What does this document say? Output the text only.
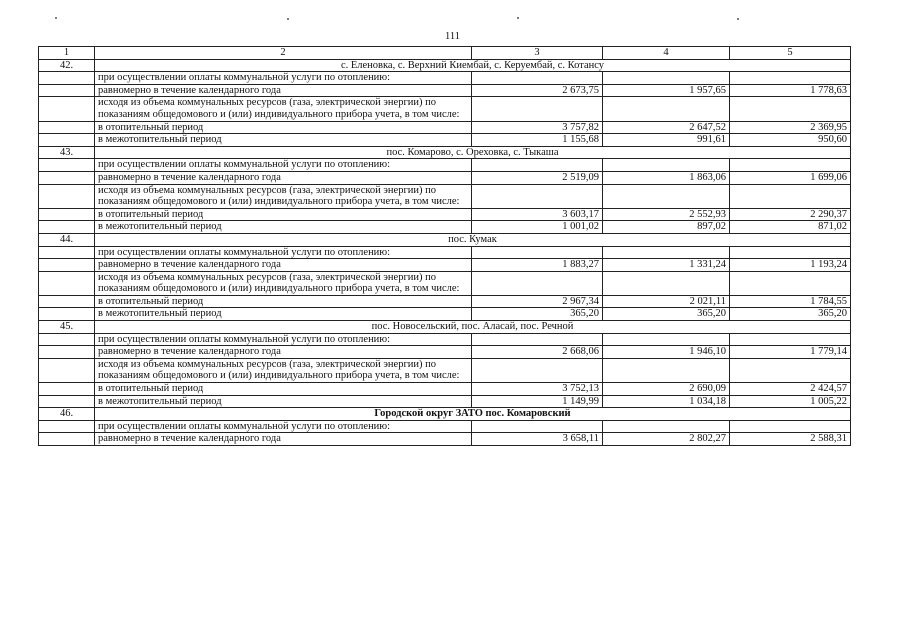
111
1	2	3	4	5
42.	с. Еленовка, с. Верхний Киембай, с. Керуембай, с. Котансу			
	при осуществлении оплаты коммунальной услуги по отоплению:			
	равномерно в течение календарного года	2 673,75	1 957,65	1 778,63
	исходя из объема коммунальных ресурсов (газа, электрической энергии) по показаниям общедомового и (или) индивидуального прибора учета, в том числе:			
	в отопительный период	3 757,82	2 647,52	2 369,95
	в межотопительный период	1 155,68	991,61	950,60
43.	пос. Комарово, с. Ореховка, с. Тыкаша			
	при осуществлении оплаты коммунальной услуги по отоплению:			
	равномерно в течение календарного года	2 519,09	1 863,06	1 699,06
	исходя из объема коммунальных ресурсов (газа, электрической энергии) по показаниям общедомового и (или) индивидуального прибора учета, в том числе:			
	в отопительный период	3 603,17	2 552,93	2 290,37
	в межотопительный период	1 001,02	897,02	871,02
44.	пос. Кумак			
	при осуществлении оплаты коммунальной услуги по отоплению:			
	равномерно в течение календарного года	1 883,27	1 331,24	1 193,24
	исходя из объема коммунальных ресурсов (газа, электрической энергии) по показаниям общедомового и (или) индивидуального прибора учета, в том числе:			
	в отопительный период	2 967,34	2 021,11	1 784,55
	в межотопительный период	365,20	365,20	365,20
45.	пос. Новосельский, пос. Аласай, пос. Речной			
	при осуществлении оплаты коммунальной услуги по отоплению:			
	равномерно в течение календарного года	2 668,06	1 946,10	1 779,14
	исходя из объема коммунальных ресурсов (газа, электрической энергии) по показаниям общедомового и (или) индивидуального прибора учета, в том числе:			
	в отопительный период	3 752,13	2 690,09	2 424,57
	в межотопительный период	1 149,99	1 034,18	1 005,22
46.	Городской округ ЗАТО пос. Комаровский			
	при осуществлении оплаты коммунальной услуги по отоплению:			
	равномерно в течение календарного года	3 658,11	2 802,27	2 588,31
